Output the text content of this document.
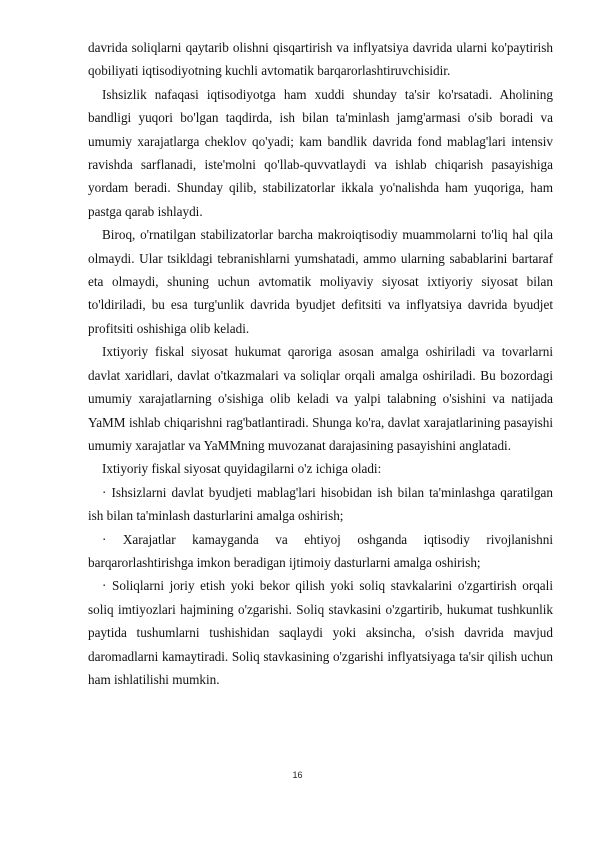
davrida soliqlarni qaytarib olishni qisqartirish va inflyatsiya davrida ularni ko'paytirish qobiliyati iqtisodiyotning kuchli avtomatik barqarorlashtiruvchisidir.

Ishsizlik nafaqasi iqtisodiyotga ham xuddi shunday ta'sir ko'rsatadi. Aholining bandligi yuqori bo'lgan taqdirda, ish bilan ta'minlash jamg'armasi o'sib boradi va umumiy xarajatlarga cheklov qo'yadi; kam bandlik davrida fond mablag'lari intensiv ravishda sarflanadi, iste'molni qo'llab-quvvatlaydi va ishlab chiqarish pasayishiga yordam beradi. Shunday qilib, stabilizatorlar ikkala yo'nalishda ham yuqoriga, ham pastga qarab ishlaydi.

Biroq, o'rnatilgan stabilizatorlar barcha makroiqtisodiy muammolarni to'liq hal qila olmaydi. Ular tsikldagi tebranishlarni yumshatadi, ammo ularning sabablarini bartaraf eta olmaydi, shuning uchun avtomatik moliyaviy siyosat ixtiyoriy siyosat bilan to'ldiriladi, bu esa turg'unlik davrida byudjet defitsiti va inflyatsiya davrida byudjet profitsiti oshishiga olib keladi.

Ixtiyoriy fiskal siyosat hukumat qaroriga asosan amalga oshiriladi va tovarlarni davlat xaridlari, davlat o'tkazmalari va soliqlar orqali amalga oshiriladi. Bu bozordagi umumiy xarajatlarning o'sishiga olib keladi va yalpi talabning o'sishini va natijada YaMM ishlab chiqarishni rag'batlantiradi. Shunga ko'ra, davlat xarajatlarining pasayishi umumiy xarajatlar va YaMMning muvozanat darajasining pasayishini anglatadi.

Ixtiyoriy fiskal siyosat quyidagilarni o'z ichiga oladi:

· Ishsizlarni davlat byudjeti mablag'lari hisobidan ish bilan ta'minlashga qaratilgan ish bilan ta'minlash dasturlarini amalga oshirish;

· Xarajatlar kamayganda va ehtiyoj oshganda iqtisodiy rivojlanishni barqarorlashtirishga imkon beradigan ijtimoiy dasturlarni amalga oshirish;

· Soliqlarni joriy etish yoki bekor qilish yoki soliq stavkalarini o'zgartirish orqali soliq imtiyozlari hajmining o'zgarishi. Soliq stavkasini o'zgartirib, hukumat tushkunlik paytida tushumlarni tushishidan saqlaydi yoki aksincha, o'sish davrida mavjud daromadlarni kamaytiradi. Soliq stavkasining o'zgarishi inflyatsiyaga ta'sir qilish uchun ham ishlatilishi mumkin.

16
